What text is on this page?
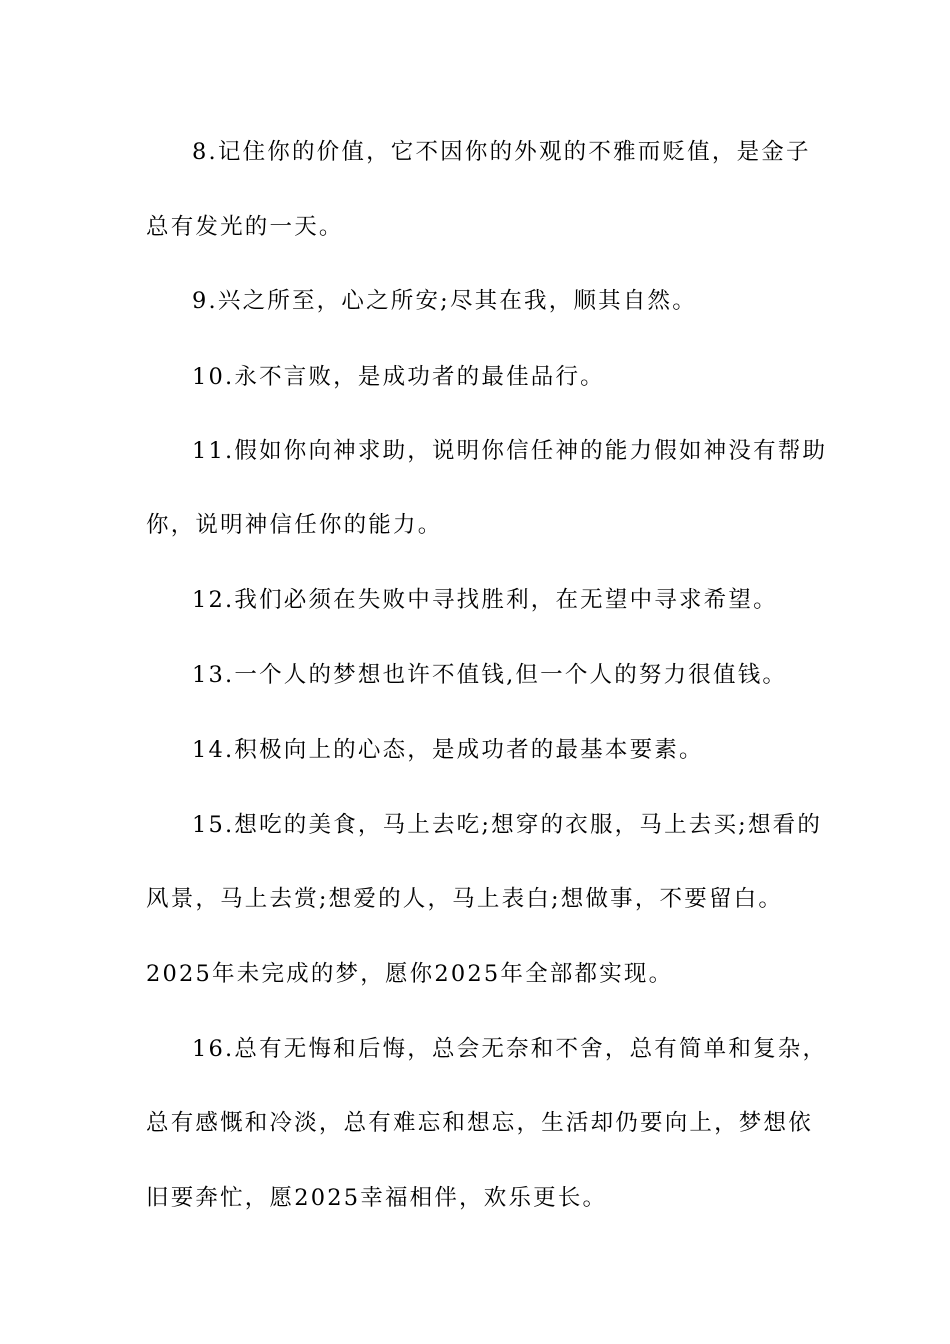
8.记住你的价值，它不因你的外观的不雅而贬值，是金子

总有发光的一天。

9.兴之所至，心之所安;尽其在我，顺其自然。

10.永不言败，是成功者的最佳品行。

11.假如你向神求助，说明你信任神的能力假如神没有帮助

你，说明神信任你的能力。

12.我们必须在失败中寻找胜利，在无望中寻求希望。

13.一个人的梦想也许不值钱,但一个人的努力很值钱。

14.积极向上的心态，是成功者的最基本要素。

15.想吃的美食，马上去吃;想穿的衣服，马上去买;想看的

风景，马上去赏;想爱的人，马上表白;想做事，不要留白。

2025年未完成的梦，愿你2025年全部都实现。

16.总有无悔和后悔，总会无奈和不舍，总有简单和复杂，

总有感慨和冷淡，总有难忘和想忘，生活却仍要向上，梦想依

旧要奔忙，愿2025幸福相伴，欢乐更长。
